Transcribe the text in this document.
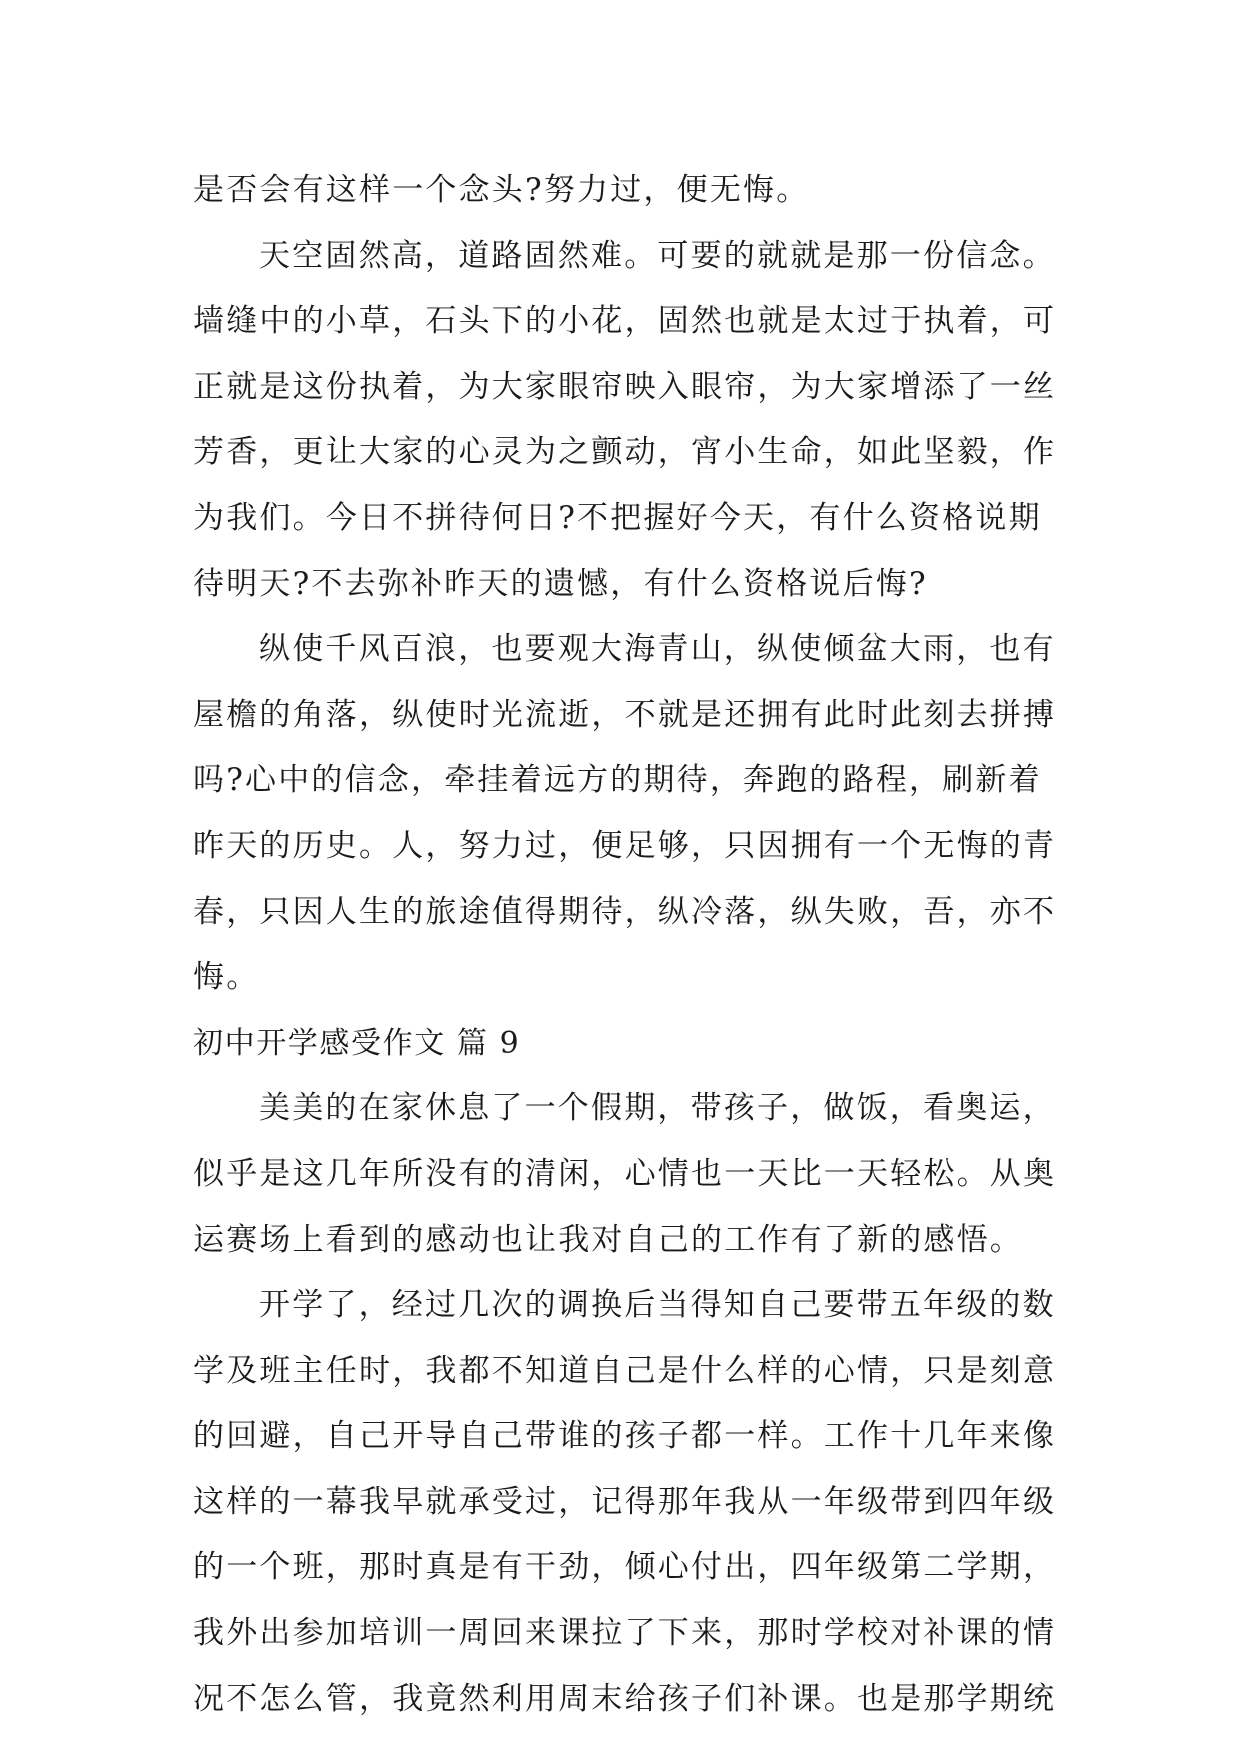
是否会有这样一个念头?努力过，便无悔。
天空固然高，道路固然难。可要的就就是那一份信念。
墙缝中的小草，石头下的小花，固然也就是太过于执着，可
正就是这份执着，为大家眼帘映入眼帘，为大家增添了一丝
芳香，更让大家的心灵为之颤动，宵小生命，如此坚毅，作
为我们。今日不拼待何日?不把握好今天，有什么资格说期
待明天?不去弥补昨天的遗憾，有什么资格说后悔?
纵使千风百浪，也要观大海青山，纵使倾盆大雨，也有
屋檐的角落，纵使时光流逝，不就是还拥有此时此刻去拼搏
吗?心中的信念，牵挂着远方的期待，奔跑的路程，刷新着
昨天的历史。人，努力过，便足够，只因拥有一个无悔的青
春，只因人生的旅途值得期待，纵冷落，纵失败，吾，亦不
悔。
初中开学感受作文 篇 9
美美的在家休息了一个假期，带孩子，做饭，看奥运，
似乎是这几年所没有的清闲，心情也一天比一天轻松。从奥
运赛场上看到的感动也让我对自己的工作有了新的感悟。
开学了，经过几次的调换后当得知自己要带五年级的数
学及班主任时，我都不知道自己是什么样的心情，只是刻意
的回避，自己开导自己带谁的孩子都一样。工作十几年来像
这样的一幕我早就承受过，记得那年我从一年级带到四年级
的一个班，那时真是有干劲，倾心付出，四年级第二学期，
我外出参加培训一周回来课拉了下来，那时学校对补课的情
况不怎么管，我竟然利用周末给孩子们补课。也是那学期统
